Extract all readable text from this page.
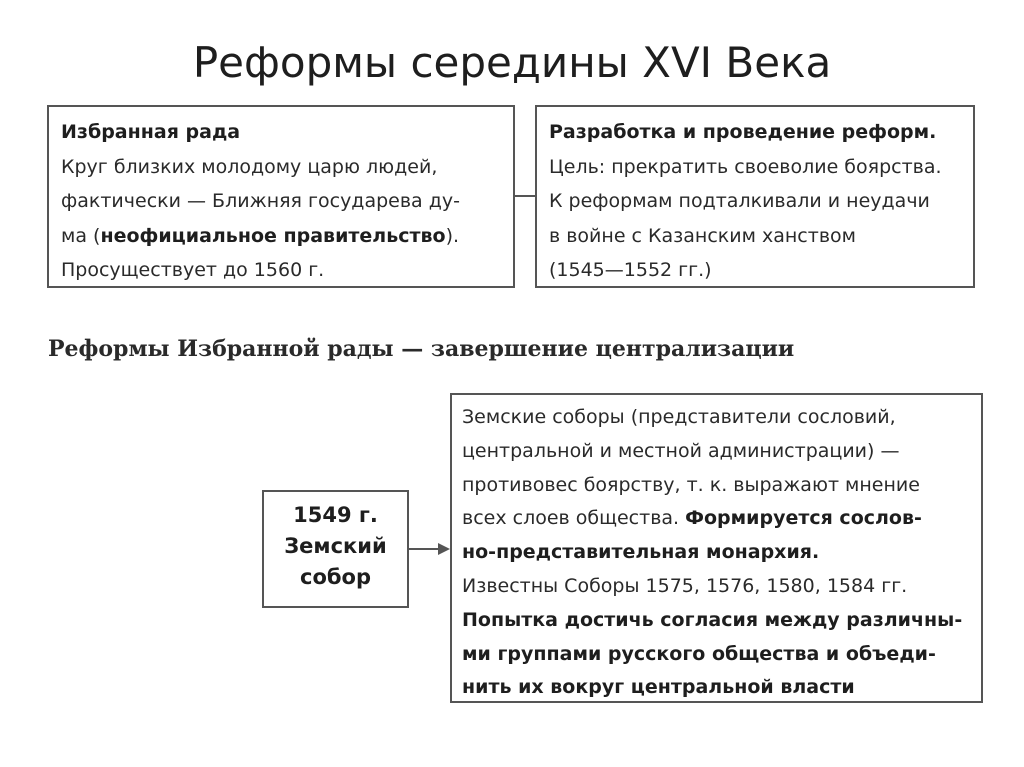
Реформы середины XVI Века
Избранная рада
Круг близких молодому царю людей,
фактически — Ближняя государева ду-
ма (неофициальное правительство).
Просуществует до 1560 г.
Разработка и проведение реформ.
Цель: прекратить своеволие боярства.
К реформам подталкивали и неудачи
в войне с Казанским ханством
(1545—1552 гг.)
Реформы Избранной рады — завершение централизации
1549 г.
Земский
собор
Земские соборы (представители сословий,
центральной и местной администрации) —
противовес боярству, т. к. выражают мнение
всех слоев общества. Формируется сослов-
но-представительная монархия.
Известны Соборы 1575, 1576, 1580, 1584 гг.
Попытка достичь согласия между различны-
ми группами русского общества и объеди-
нить их вокруг центральной власти
